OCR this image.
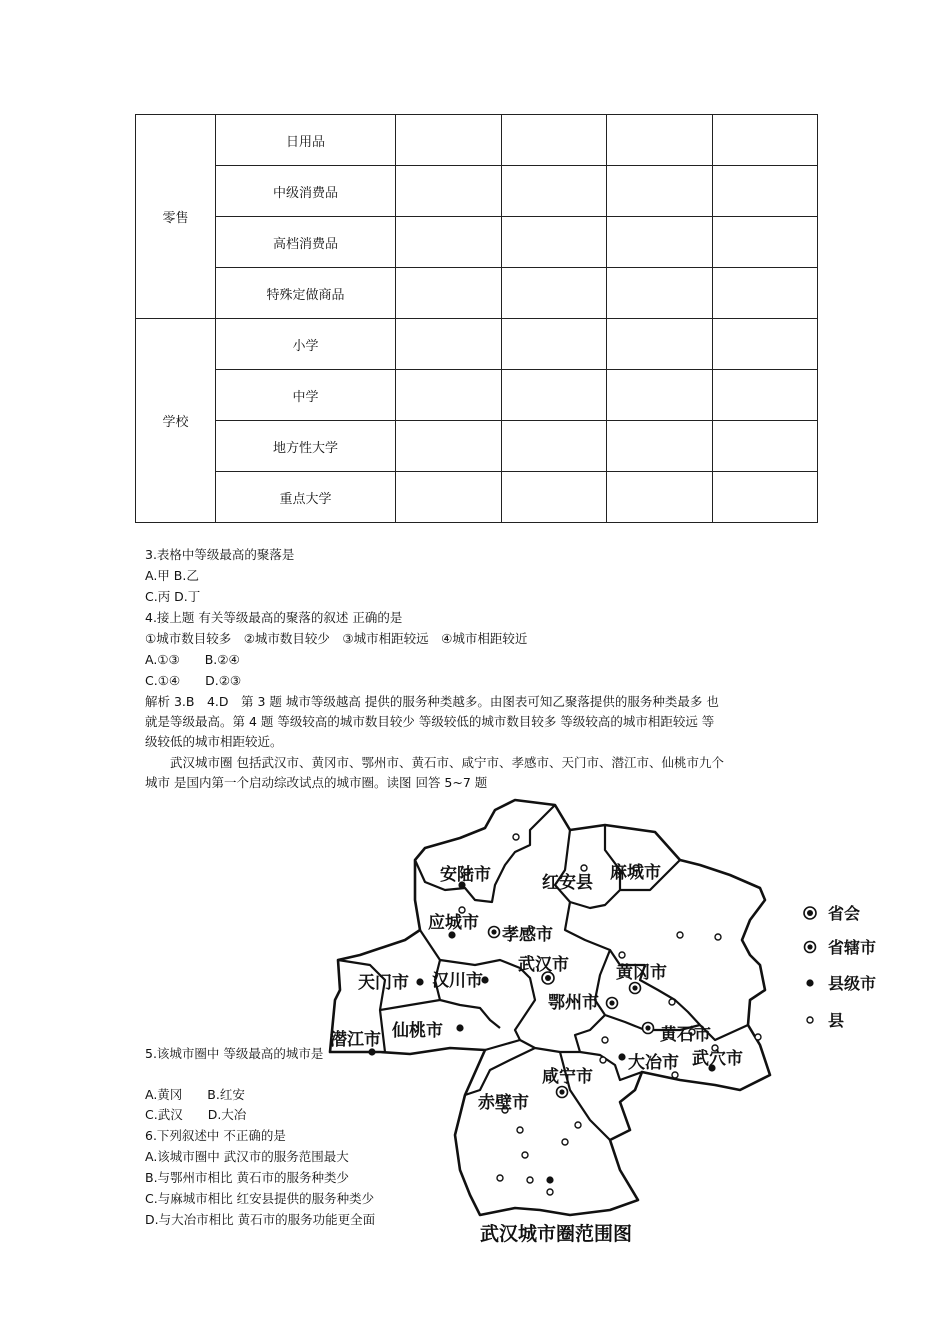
零售	日用品				
	中级消费品				
	高档消费品				
	特殊定做商品				
学校	小学				
	中学				
	地方性大学				
	重点大学				
3.表格中等级最高的聚落是
A.甲 B.乙
C.丙 D.丁
4.接上题 有关等级最高的聚落的叙述 正确的是
①城市数目较多　②城市数目较少　③城市相距较远　④城市相距较近
A.①③　　B.②④
C.①④　　D.②③
解析 3.B　4.D　第 3 题 城市等级越高 提供的服务种类越多。由图表可知乙聚落提供的服务种类最多 也
就是等级最高。第 4 题 等级较高的城市数目较少 等级较低的城市数目较多 等级较高的城市相距较远 等
级较低的城市相距较近。
　　武汉城市圈 包括武汉市、黄冈市、鄂州市、黄石市、咸宁市、孝感市、天门市、潜江市、仙桃市九个
城市 是国内第一个启动综改试点的城市圈。读图 回答 5~7 题
安陆市	红安县 麻城市
应城市
孝感市
天门市 汉川市
武汉市	黄冈市
鄂州市
潜江市 仙桃市	黄石市
武穴市
大冶市
咸宁市
赤壁市
省会
省辖市
县级市
县
武汉城市圈范围图
5.该城市圈中 等级最高的城市是
A.黄冈　　B.红安
C.武汉　　D.大冶
6.下列叙述中 不正确的是
A.该城市圈中 武汉市的服务范围最大
B.与鄂州市相比 黄石市的服务种类少
C.与麻城市相比 红安县提供的服务种类少
D.与大冶市相比 黄石市的服务功能更全面
